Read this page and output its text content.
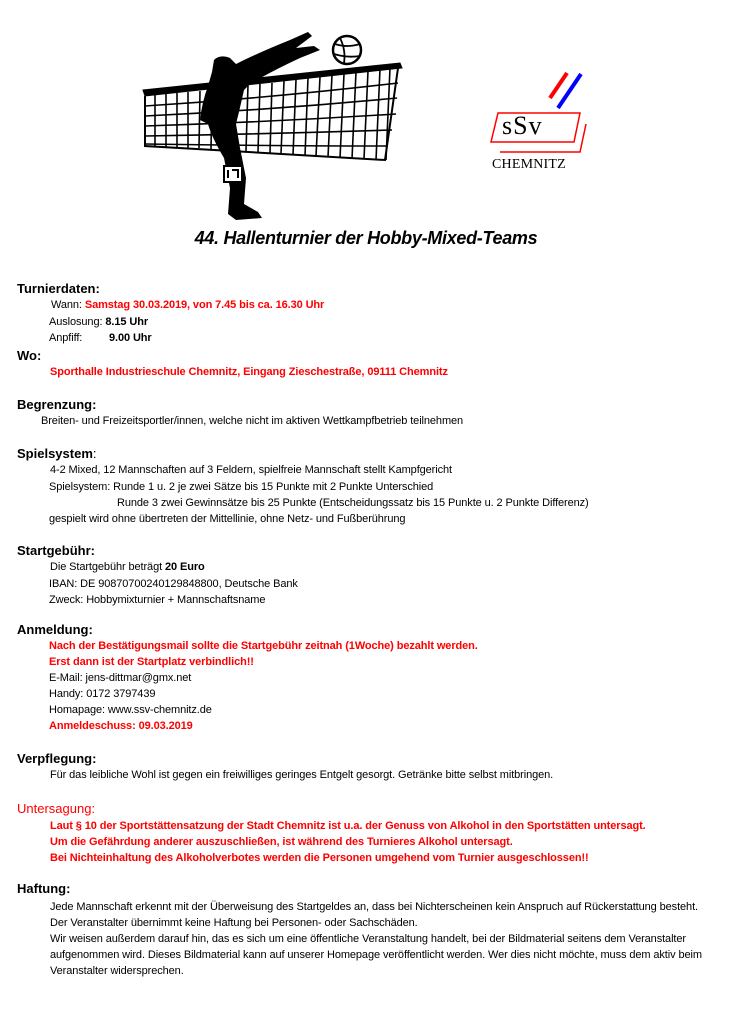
sSv
CHEMNITZ
44. Hallenturnier der Hobby-Mixed-Teams
Turnierdaten:
Wann: Samstag 30.03.2019, von 7.45 bis ca. 16.30 Uhr
Auslosung: 8.15 Uhr
Anpfiff: 9.00 Uhr
Wo:
Sporthalle Industrieschule Chemnitz, Eingang Zieschestraße, 09111 Chemnitz
Begrenzung:
Breiten- und Freizeitsportler/innen, welche nicht im aktiven Wettkampfbetrieb teilnehmen
Spielsystem:
4-2 Mixed, 12 Mannschaften auf 3 Feldern, spielfreie Mannschaft stellt Kampfgericht
Spielsystem: Runde 1 u. 2 je zwei Sätze bis 15 Punkte mit 2 Punkte Unterschied
Runde 3 zwei Gewinnsätze bis 25 Punkte (Entscheidungssatz bis 15 Punkte u. 2 Punkte Differenz)
gespielt wird ohne übertreten der Mittellinie, ohne Netz- und Fußberührung
Startgebühr:
Die Startgebühr beträgt 20 Euro
IBAN: DE 90870700240129848800, Deutsche Bank
Zweck: Hobbymixturnier + Mannschaftsname
Anmeldung:
Nach der Bestätigungsmail sollte die Startgebühr zeitnah (1Woche) bezahlt werden.
Erst dann ist der Startplatz verbindlich!!
E-Mail: jens-dittmar@gmx.net
Handy: 0172 3797439
Homapage: www.ssv-chemnitz.de
Anmeldeschuss: 09.03.2019
Verpflegung:
Für das leibliche Wohl ist gegen ein freiwilliges geringes Entgelt gesorgt. Getränke bitte selbst mitbringen.
Untersagung:
Laut § 10 der Sportstättensatzung der Stadt Chemnitz ist u.a. der Genuss von Alkohol in den Sportstätten untersagt.
Um die Gefährdung anderer auszuschließen, ist während des Turnieres Alkohol untersagt.
Bei Nichteinhaltung des Alkoholverbotes werden die Personen umgehend vom Turnier ausgeschlossen!!
Haftung:
Jede Mannschaft erkennt mit der Überweisung des Startgeldes an, dass bei Nichterscheinen kein Anspruch auf Rückerstattung besteht.
Der Veranstalter übernimmt keine Haftung bei Personen- oder Sachschäden.
Wir weisen außerdem darauf hin, das es sich um eine öffentliche Veranstaltung handelt, bei der Bildmaterial seitens dem Veranstalter aufgenommen wird. Dieses Bildmaterial kann auf unserer Homepage veröffentlicht werden. Wer dies nicht möchte, muss dem aktiv beim Veranstalter widersprechen.
